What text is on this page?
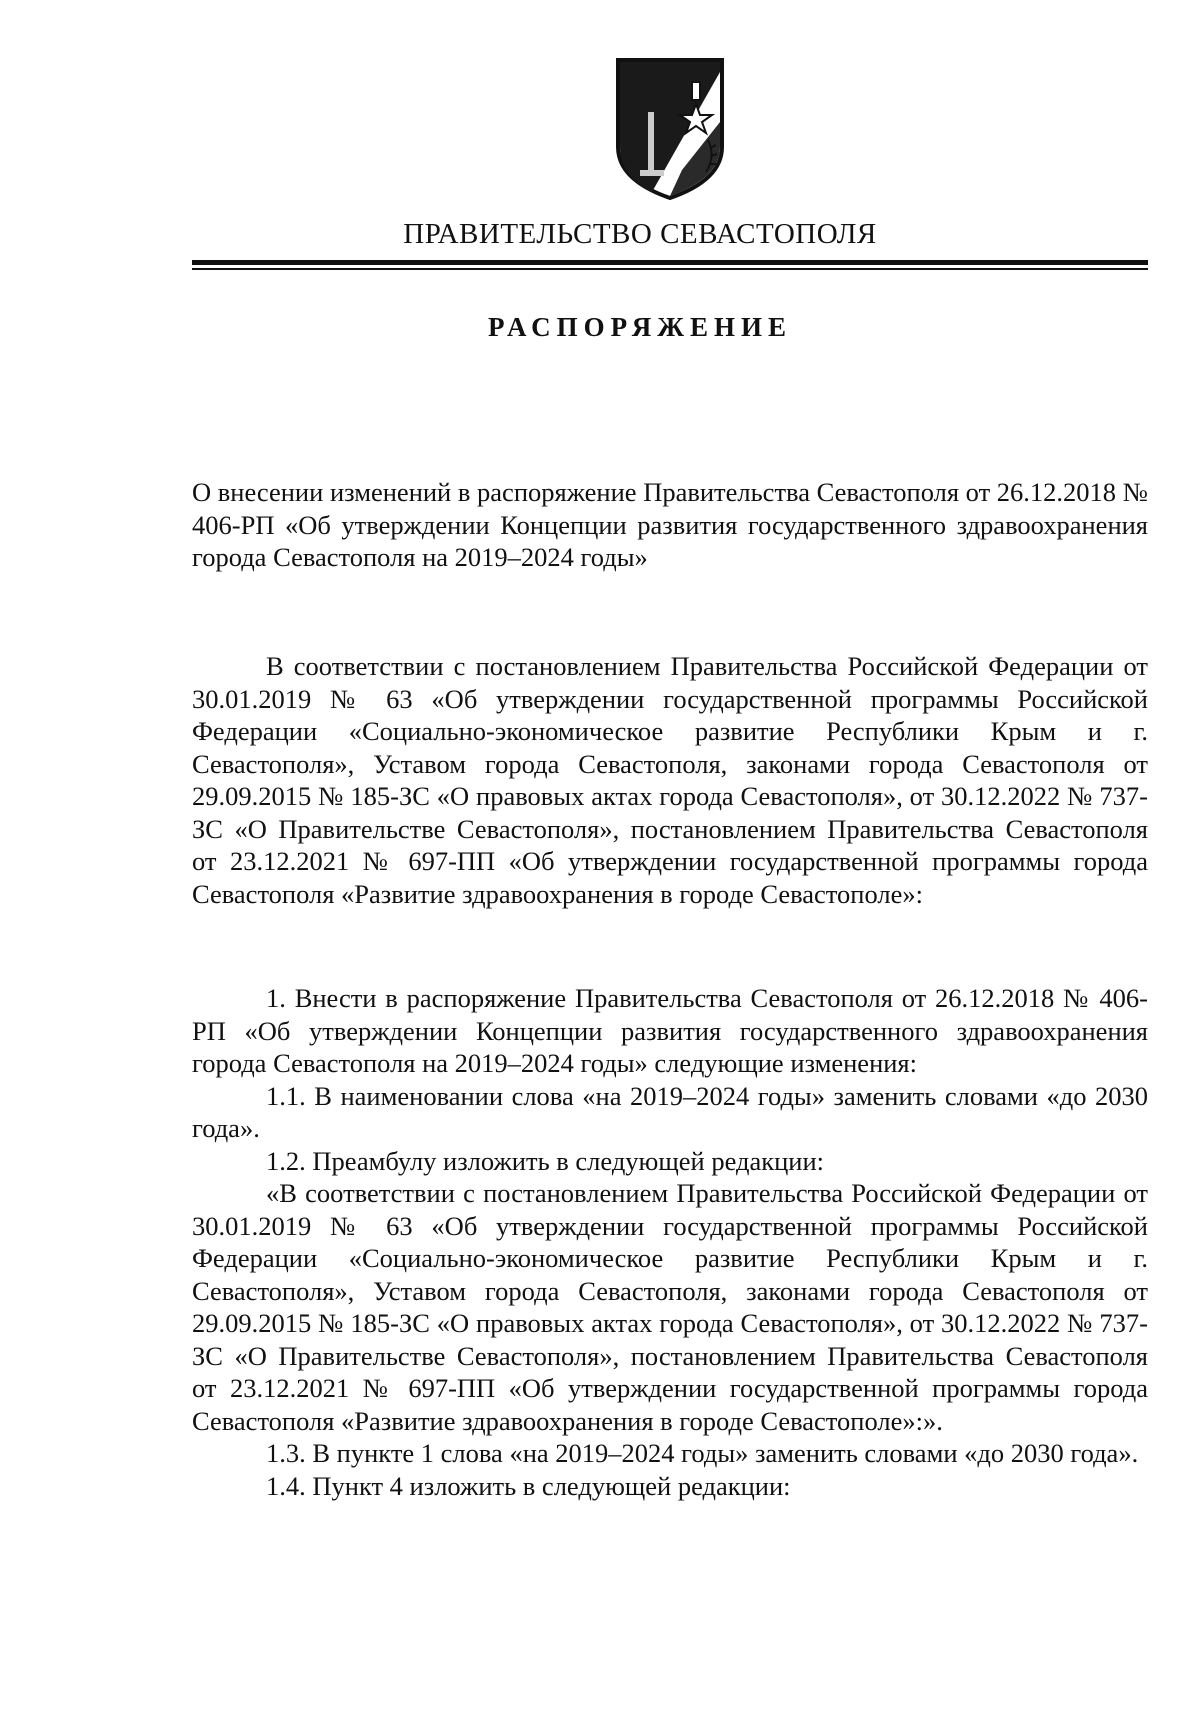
ПРАВИТЕЛЬСТВО СЕВАСТОПОЛЯ
РАСПОРЯЖЕНИЕ

О внесении изменений в распоряжение Правительства Севастополя от 26.12.2018 № 406-РП «Об утверждении Концепции развития государственного здравоохранения города Севастополя на 2019–2024 годы»

В соответствии с постановлением Правительства Российской Федерации от 30.01.2019 № 63 «Об утверждении государственной программы Российской Федерации «Социально-экономическое развитие Республики Крым и г. Севастополя», Уставом города Севастополя, законами города Севастополя от 29.09.2015 № 185-ЗС «О правовых актах города Севастополя», от 30.12.2022 № 737-ЗС «О Правительстве Севастополя», постановлением Правительства Севастополя от 23.12.2021 № 697-ПП «Об утверждении государственной программы города Севастополя «Развитие здравоохранения в городе Севастополе»:

1. Внести в распоряжение Правительства Севастополя от 26.12.2018 № 406-РП «Об утверждении Концепции развития государственного здравоохранения города Севастополя на 2019–2024 годы» следующие изменения:

1.1. В наименовании слова «на 2019–2024 годы» заменить словами «до 2030 года».

1.2. Преамбулу изложить в следующей редакции:

«В соответствии с постановлением Правительства Российской Федерации от 30.01.2019 № 63 «Об утверждении государственной программы Российской Федерации «Социально-экономическое развитие Республики Крым и г. Севастополя», Уставом города Севастополя, законами города Севастополя от 29.09.2015 № 185-ЗС «О правовых актах города Севастополя», от 30.12.2022 № 737-ЗС «О Правительстве Севастополя», постановлением Правительства Севастополя от 23.12.2021 № 697-ПП «Об утверждении государственной программы города Севастополя «Развитие здравоохранения в городе Севастополе»:».

1.3. В пункте 1 слова «на 2019–2024 годы» заменить словами «до 2030 года».

1.4. Пункт 4 изложить в следующей редакции:
